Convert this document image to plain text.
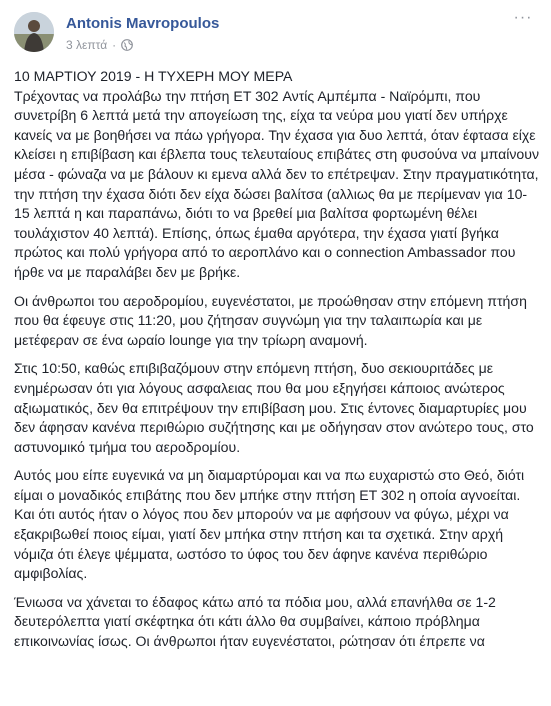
Antonis Mavropoulos
3 λεπτά ·
···

10 ΜΑΡΤΙΟΥ 2019 - Η ΤΥΧΕΡΗ ΜΟΥ ΜΕΡΑ
Τρέχοντας να προλάβω την πτήση ET 302 Αντίς Αμπέμπα - Ναϊρόμπι, που συνετρίβη 6 λεπτά μετά την απογείωση της, είχα τα νεύρα μου γιατί δεν υπήρχε κανείς να με βοηθήσει να πάω γρήγορα. Την έχασα για δυο λεπτά, όταν έφτασα είχε κλείσει η επιβίβαση και έβλεπα τους τελευταίους επιβάτες στη φυσούνα να μπαίνουν μέσα - φώναζα να με βάλουν κι εμενα αλλά δεν το επέτρεψαν. Στην πραγματικότητα, την πτήση την έχασα διότι δεν είχα δώσει βαλίτσα (αλλιως θα με περίμεναν για 10-15 λεπτά η και παραπάνω, διότι το να βρεθεί μια βαλίτσα φορτωμένη θέλει τουλάχιστον 40 λεπτά). Επίσης, όπως έμαθα αργότερα, την έχασα γιατί βγήκα πρώτος και πολύ γρήγορα από το αεροπλάνο και ο connection Ambassador που ήρθε να με παραλάβει δεν με βρήκε.

Οι άνθρωποι του αεροδρομίου, ευγενέστατοι, με προώθησαν στην επόμενη πτήση που θα έφευγε στις 11:20, μου ζήτησαν συγνώμη για την ταλαιπωρία και με μετέφεραν σε ένα ωραίο lounge για την τρίωρη αναμονή.

Στις 10:50, καθώς επιβιβαζόμουν στην επόμενη πτήση, δυο σεκιουριτάδες με ενημέρωσαν ότι για λόγους ασφαλειας που θα μου εξηγήσει κάποιος ανώτερος αξιωματικός, δεν θα επιτρέψουν την επιβίβαση μου. Στις έντονες διαμαρτυρίες μου δεν άφησαν κανένα περιθώριο συζήτησης και με οδήγησαν στον ανώτερο τους, στο αστυνομικό τμήμα του αεροδρομίου.

Αυτός μου είπε ευγενικά να μη διαμαρτύρομαι και να πω ευχαριστώ στο Θεό, διότι είμαι ο μοναδικός επιβάτης που δεν μπήκε στην πτήση ET 302 η οποία αγνοείται. Και ότι αυτός ήταν ο λόγος που δεν μπορούν να με αφήσουν να φύγω, μέχρι να εξακριβωθεί ποιος είμαι, γιατί δεν μπήκα στην πτήση και τα σχετικά. Στην αρχή νόμιζα ότι έλεγε ψέμματα, ωστόσο το ύφος του δεν άφηνε κανένα περιθώριο αμφιβολίας.

Ένιωσα να χάνεται το έδαφος κάτω από τα πόδια μου, αλλά επανήλθα σε 1-2 δευτερόλεπτα γιατί σκέφτηκα ότι κάτι άλλο θα συμβαίνει, κάποιο πρόβλημα επικοινωνίας ίσως. Οι άνθρωποι ήταν ευγενέστατοι, ρώτησαν ότι έπρεπε να
